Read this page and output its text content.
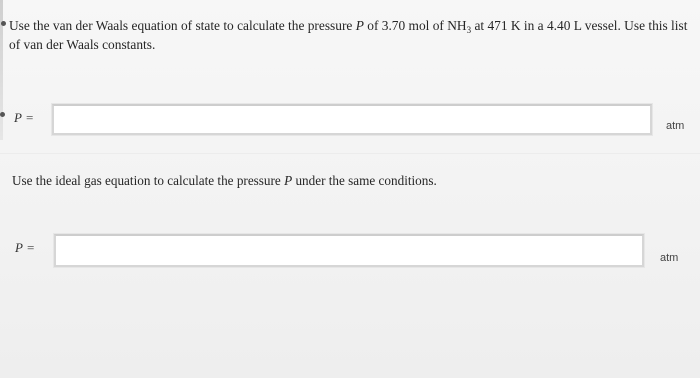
Use the van der Waals equation of state to calculate the pressure P of 3.70 mol of $NH_3$ at 471 K in a 4.40 L vessel. Use this list
of van der Waals constants.
P =
atm
Use the ideal gas equation to calculate the pressure P under the same conditions.
P =
atm
